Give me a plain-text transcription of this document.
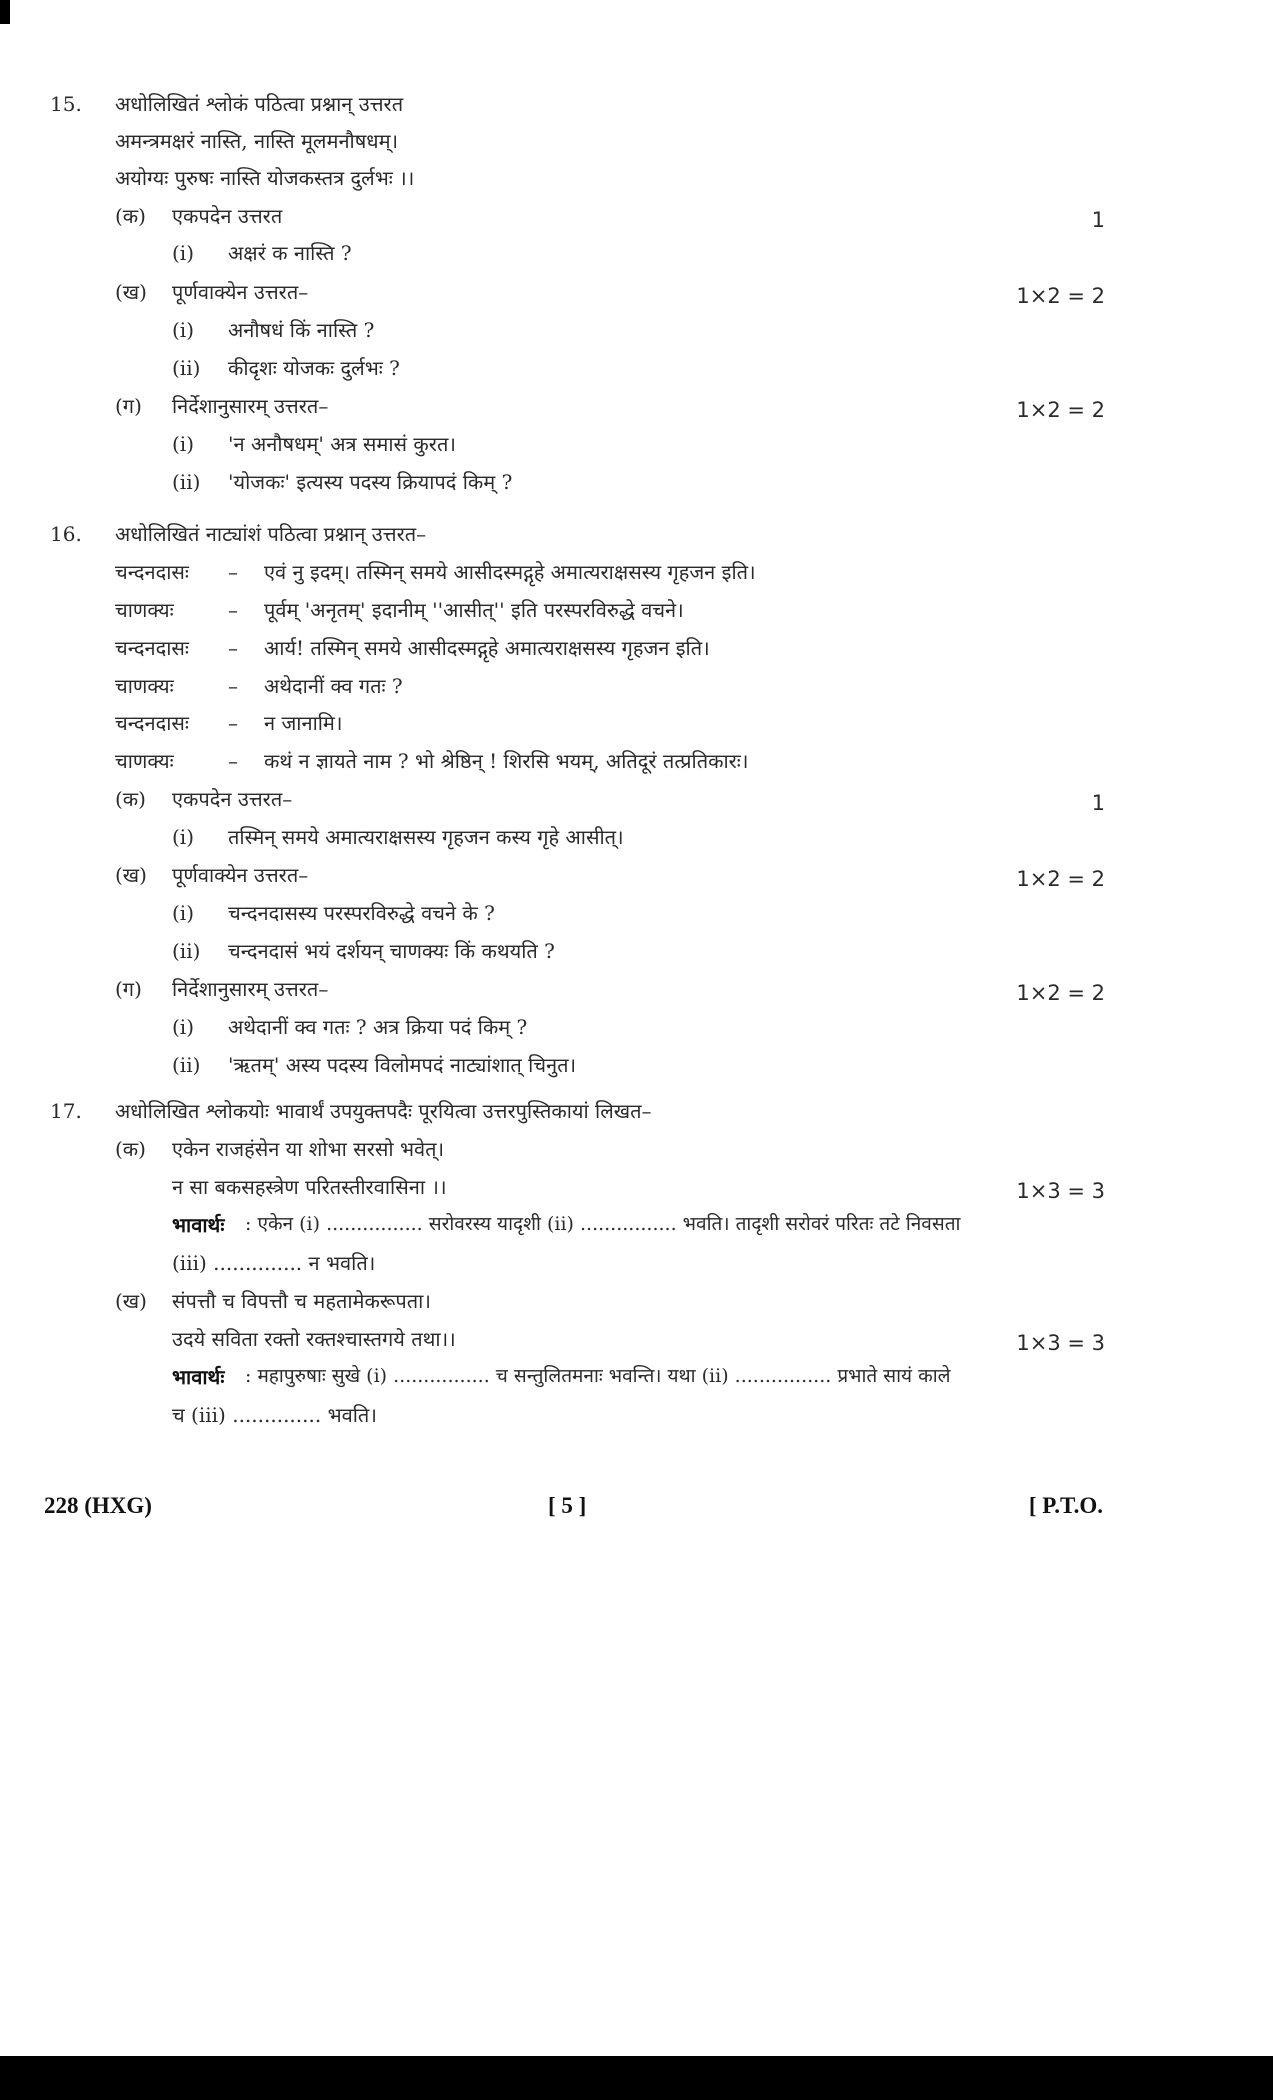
15. अधोलिखितं श्लोकं पठित्वा प्रश्नान् उत्तरत
अमन्त्रमक्षरं नास्ति, नास्ति मूलमनौषधम्।
अयोग्यः पुरुषः नास्ति योजकस्तत्र दुर्लभः ।।
(क) एकपदेन उत्तरत	1
(i) अक्षरं क नास्ति ?
(ख) पूर्णवाक्येन उत्तरत–	1×2 = 2
(i) अनौषधं किं नास्ति ?
(ii) कीदृशः योजकः दुर्लभः ?
(ग) निर्देशानुसारम् उत्तरत–	1×2 = 2
(i) 'न अनौषधम्' अत्र समासं कुरत।
(ii) 'योजकः' इत्यस्य पदस्य क्रियापदं किम् ?
16. अधोलिखितं नाट्यांशं पठित्वा प्रश्नान् उत्तरत–
चन्दनदासः – एवं नु इदम्। तस्मिन् समये आसीदस्मद्गृहे अमात्यराक्षसस्य गृहजन इति।
चाणक्यः	– पूर्वम् 'अनृतम्' इदानीम् ''आसीत्'' इति परस्परविरुद्धे वचने।
चन्दनदासः – आर्य! तस्मिन् समये आसीदस्मद्गृहे अमात्यराक्षसस्य गृहजन इति।
चाणक्यः	– अथेदानीं क्व गतः ?
चन्दनदासः – न जानामि।
चाणक्यः	– कथं न ज्ञायते नाम ? भो श्रेष्ठिन् ! शिरसि भयम्, अतिदूरं तत्प्रतिकारः।
(क) एकपदेन उत्तरत–	1
(i) तस्मिन् समये अमात्यराक्षसस्य गृहजन कस्य गृहे आसीत्।
(ख) पूर्णवाक्येन उत्तरत–	1×2 = 2
(i) चन्दनदासस्य परस्परविरुद्धे वचने के ?
(ii) चन्दनदासं भयं दर्शयन् चाणक्यः किं कथयति ?
(ग) निर्देशानुसारम् उत्तरत–	1×2 = 2
(i) अथेदानीं क्व गतः ? अत्र क्रिया पदं किम् ?
(ii) 'ऋतम्' अस्य पदस्य विलोमपदं नाट्यांशात् चिनुत।
17. अधोलिखित श्लोकयोः भावार्थं उपयुक्तपदैः पूरयित्वा उत्तरपुस्तिकायां लिखत–
(क) एकेन राजहंसेन या शोभा सरसो भवेत्।
न सा बकसहस्त्रेण परितस्तीरवासिना ।।	1×3 = 3
भावार्थः : एकेन (i) ................ सरोवरस्य यादृशी (ii) ................ भवति। तादृशी सरोवरं परितः तटे निवसता
(iii) .............. न भवति।
(ख) संपत्तौ च विपत्तौ च महतामेकरूपता।
उदये सविता रक्तो रक्तश्चास्तगये तथा।।	1×3 = 3
भावार्थः : महापुरुषाः सुखे (i) ................ च सन्तुलितमनाः भवन्ति। यथा (ii) ................ प्रभाते सायं काले
च (iii) .............. भवति।
228 (HXG)	[ 5 ]	[ P.T.O.
